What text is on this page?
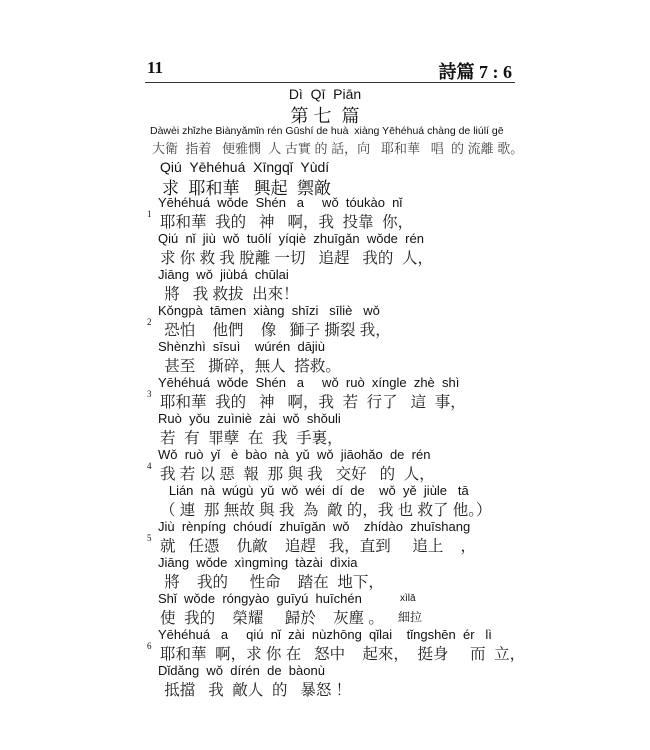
11	詩篇 7 : 6
Dì  Qī  Piān
第 七  篇
Dàwèi zhǐzhe Biànyǎmǐn rén Gūshí de huà  xiàng Yēhéhuá chàng de liúlí gē
大衛  指着   便雅憫  人 古實 的 話，向   耶和華   唱  的 流離 歌。
Qiú  Yēhéhuá  Xīngqǐ  Yùdí
求  耶和華   興起  禦敵
1
Yēhéhuá  wǒde  Shén   a     wǒ  tóukào  nǐ
耶和華  我的   神   啊，我  投靠  你，
Qiú  nǐ  jiù  wǒ  tuōlí  yíqiè  zhuīgǎn  wǒde  rén
求 你 救 我 脫離 一切   追趕   我的  人，
Jiāng  wǒ  jiùbá  chūlai
將   我 救拔  出來！
2
Kǒngpà  tāmen  xiàng  shīzi   sīliè   wǒ
恐怕    他們    像   獅子 撕裂 我，
Shènzhì  sīsuì    wúrén  dājiù
甚至   撕碎，無人  搭救。
3
Yēhéhuá  wǒde  Shén   a     wǒ  ruò  xíngle  zhè  shì
耶和華  我的   神   啊，我  若  行了   這  事，
Ruò  yǒu  zuìniè  zài  wǒ  shǒuli
若  有  罪孽  在  我  手裏，
4
Wǒ  ruò  yǐ   è  bào  nà  yǔ  wǒ  jiāohǎo  de  rén
我 若 以 惡  報  那 與 我   交好   的  人，
Lián  nà  wúgù  yǔ  wǒ  wéi  dí  de    wǒ  yě  jiùle   tā
（ 連  那 無故 與 我  為  敵 的，我 也 救了 他。）
5
Jiù  rènpíng  chóudí  zhuīgǎn  wǒ    zhídào  zhuīshang
就   任憑    仇敵    追趕   我，直到     追上    ，
Jiāng  wǒde  xìngmìng  tàzài  dìxia
將    我的     性命    踏在  地下，
Shǐ  wǒde  róngyào  guīyú  huīchén
使  我的    榮耀     歸於    灰塵 。
xìlā
細拉
6
Yēhéhuá   a     qiú  nǐ  zài  nùzhōng  qǐlai    tǐngshēn  ér   lì
耶和華  啊，求 你 在   怒中    起來，  挺身     而  立，
Dǐdǎng  wǒ  dírén  de  bàonù
抵擋   我  敵人  的   暴怒 ！
